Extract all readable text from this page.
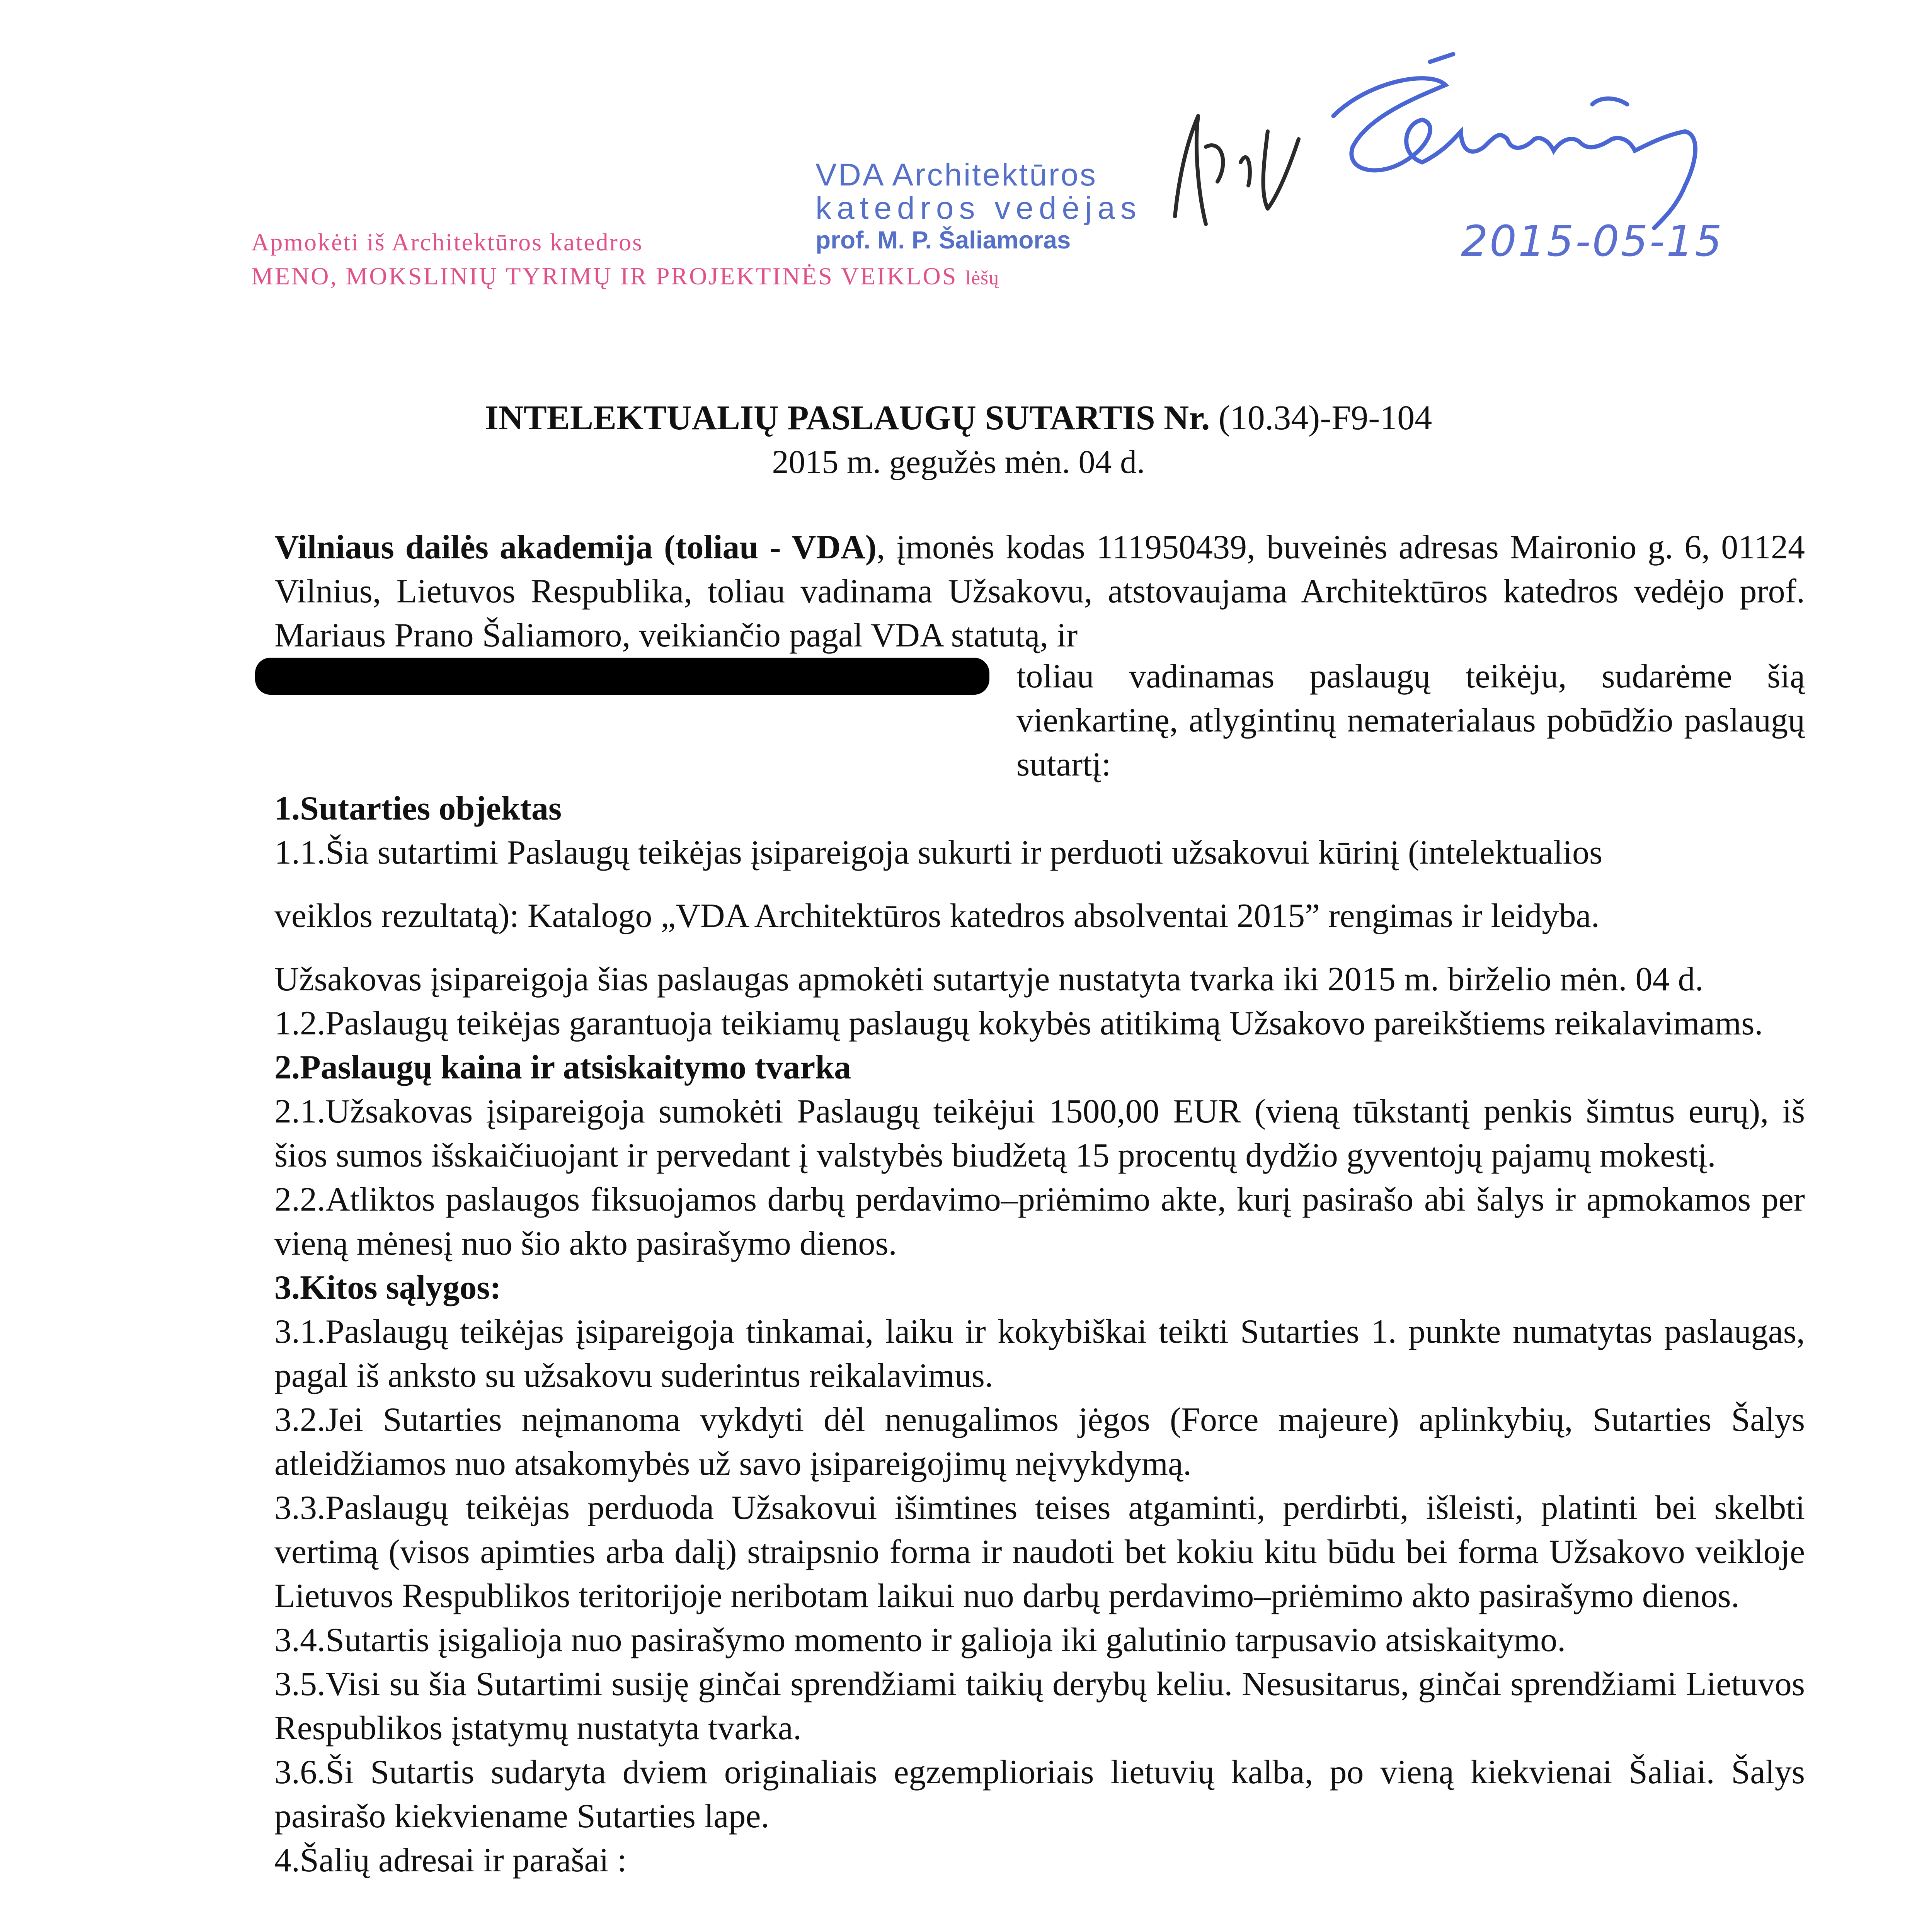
Apmokėti iš Architektūros katedros
MENO, MOKSLINIŲ TYRIMŲ IR PROJEKTINĖS VEIKLOS lėšų
VDA Architektūros
katedros vedėjas
prof. M. P. Šaliamoras	2015-05-15
INTELEKTUALIŲ PASLAUGŲ SUTARTIS Nr. (10.34)-F9-104
2015 m. gegužės mėn. 04 d.

Vilniaus dailės akademija (toliau - VDA), įmonės kodas 111950439, buveinės adresas Maironio g. 6, 01124 Vilnius, Lietuvos Respublika, toliau vadinama Užsakovu, atstovaujama Architektūros katedros vedėjo prof. Mariaus Prano Šaliamoro, veikiančio pagal VDA statutą, ir

toliau vadinamas paslaugų teikėju, sudarėme šią vienkartinę, atlygintinų nematerialaus pobūdžio paslaugų sutartį:

1.Sutarties objektas

1.1.Šia sutartimi Paslaugų teikėjas įsipareigoja sukurti ir perduoti užsakovui kūrinį (intelektualios

veiklos rezultatą): Katalogo „VDA Architektūros katedros absolventai 2015” rengimas ir leidyba.

Užsakovas įsipareigoja šias paslaugas apmokėti sutartyje nustatyta tvarka iki 2015 m. birželio mėn. 04 d.

1.2.Paslaugų teikėjas garantuoja teikiamų paslaugų kokybės atitikimą Užsakovo pareikštiems reikalavimams.

2.Paslaugų kaina ir atsiskaitymo tvarka

2.1.Užsakovas įsipareigoja sumokėti Paslaugų teikėjui 1500,00 EUR (vieną tūkstantį penkis šimtus eurų), iš šios sumos išskaičiuojant ir pervedant į valstybės biudžetą 15 procentų dydžio gyventojų pajamų mokestį.

2.2.Atliktos paslaugos fiksuojamos darbų perdavimo–priėmimo akte, kurį pasirašo abi šalys ir apmokamos per vieną mėnesį nuo šio akto pasirašymo dienos.

3.Kitos sąlygos:

3.1.Paslaugų teikėjas įsipareigoja tinkamai, laiku ir kokybiškai teikti Sutarties 1. punkte numatytas paslaugas, pagal iš anksto su užsakovu suderintus reikalavimus.

3.2.Jei Sutarties neįmanoma vykdyti dėl nenugalimos jėgos (Force majeure) aplinkybių, Sutarties Šalys atleidžiamos nuo atsakomybės už savo įsipareigojimų neįvykdymą.

3.3.Paslaugų teikėjas perduoda Užsakovui išimtines teises atgaminti, perdirbti, išleisti, platinti bei skelbti vertimą (visos apimties arba dalį) straipsnio forma ir naudoti bet kokiu kitu būdu bei forma Užsakovo veikloje Lietuvos Respublikos teritorijoje neribotam laikui nuo darbų perdavimo–priėmimo akto pasirašymo dienos.

3.4.Sutartis įsigalioja nuo pasirašymo momento ir galioja iki galutinio tarpusavio atsiskaitymo.

3.5.Visi su šia Sutartimi susiję ginčai sprendžiami taikių derybų keliu. Nesusitarus, ginčai sprendžiami Lietuvos Respublikos įstatymų nustatyta tvarka.

3.6.Ši Sutartis sudaryta dviem originaliais egzemplioriais lietuvių kalba, po vieną kiekvienai Šaliai. Šalys pasirašo kiekviename Sutarties lape.

4.Šalių adresai ir parašai :
